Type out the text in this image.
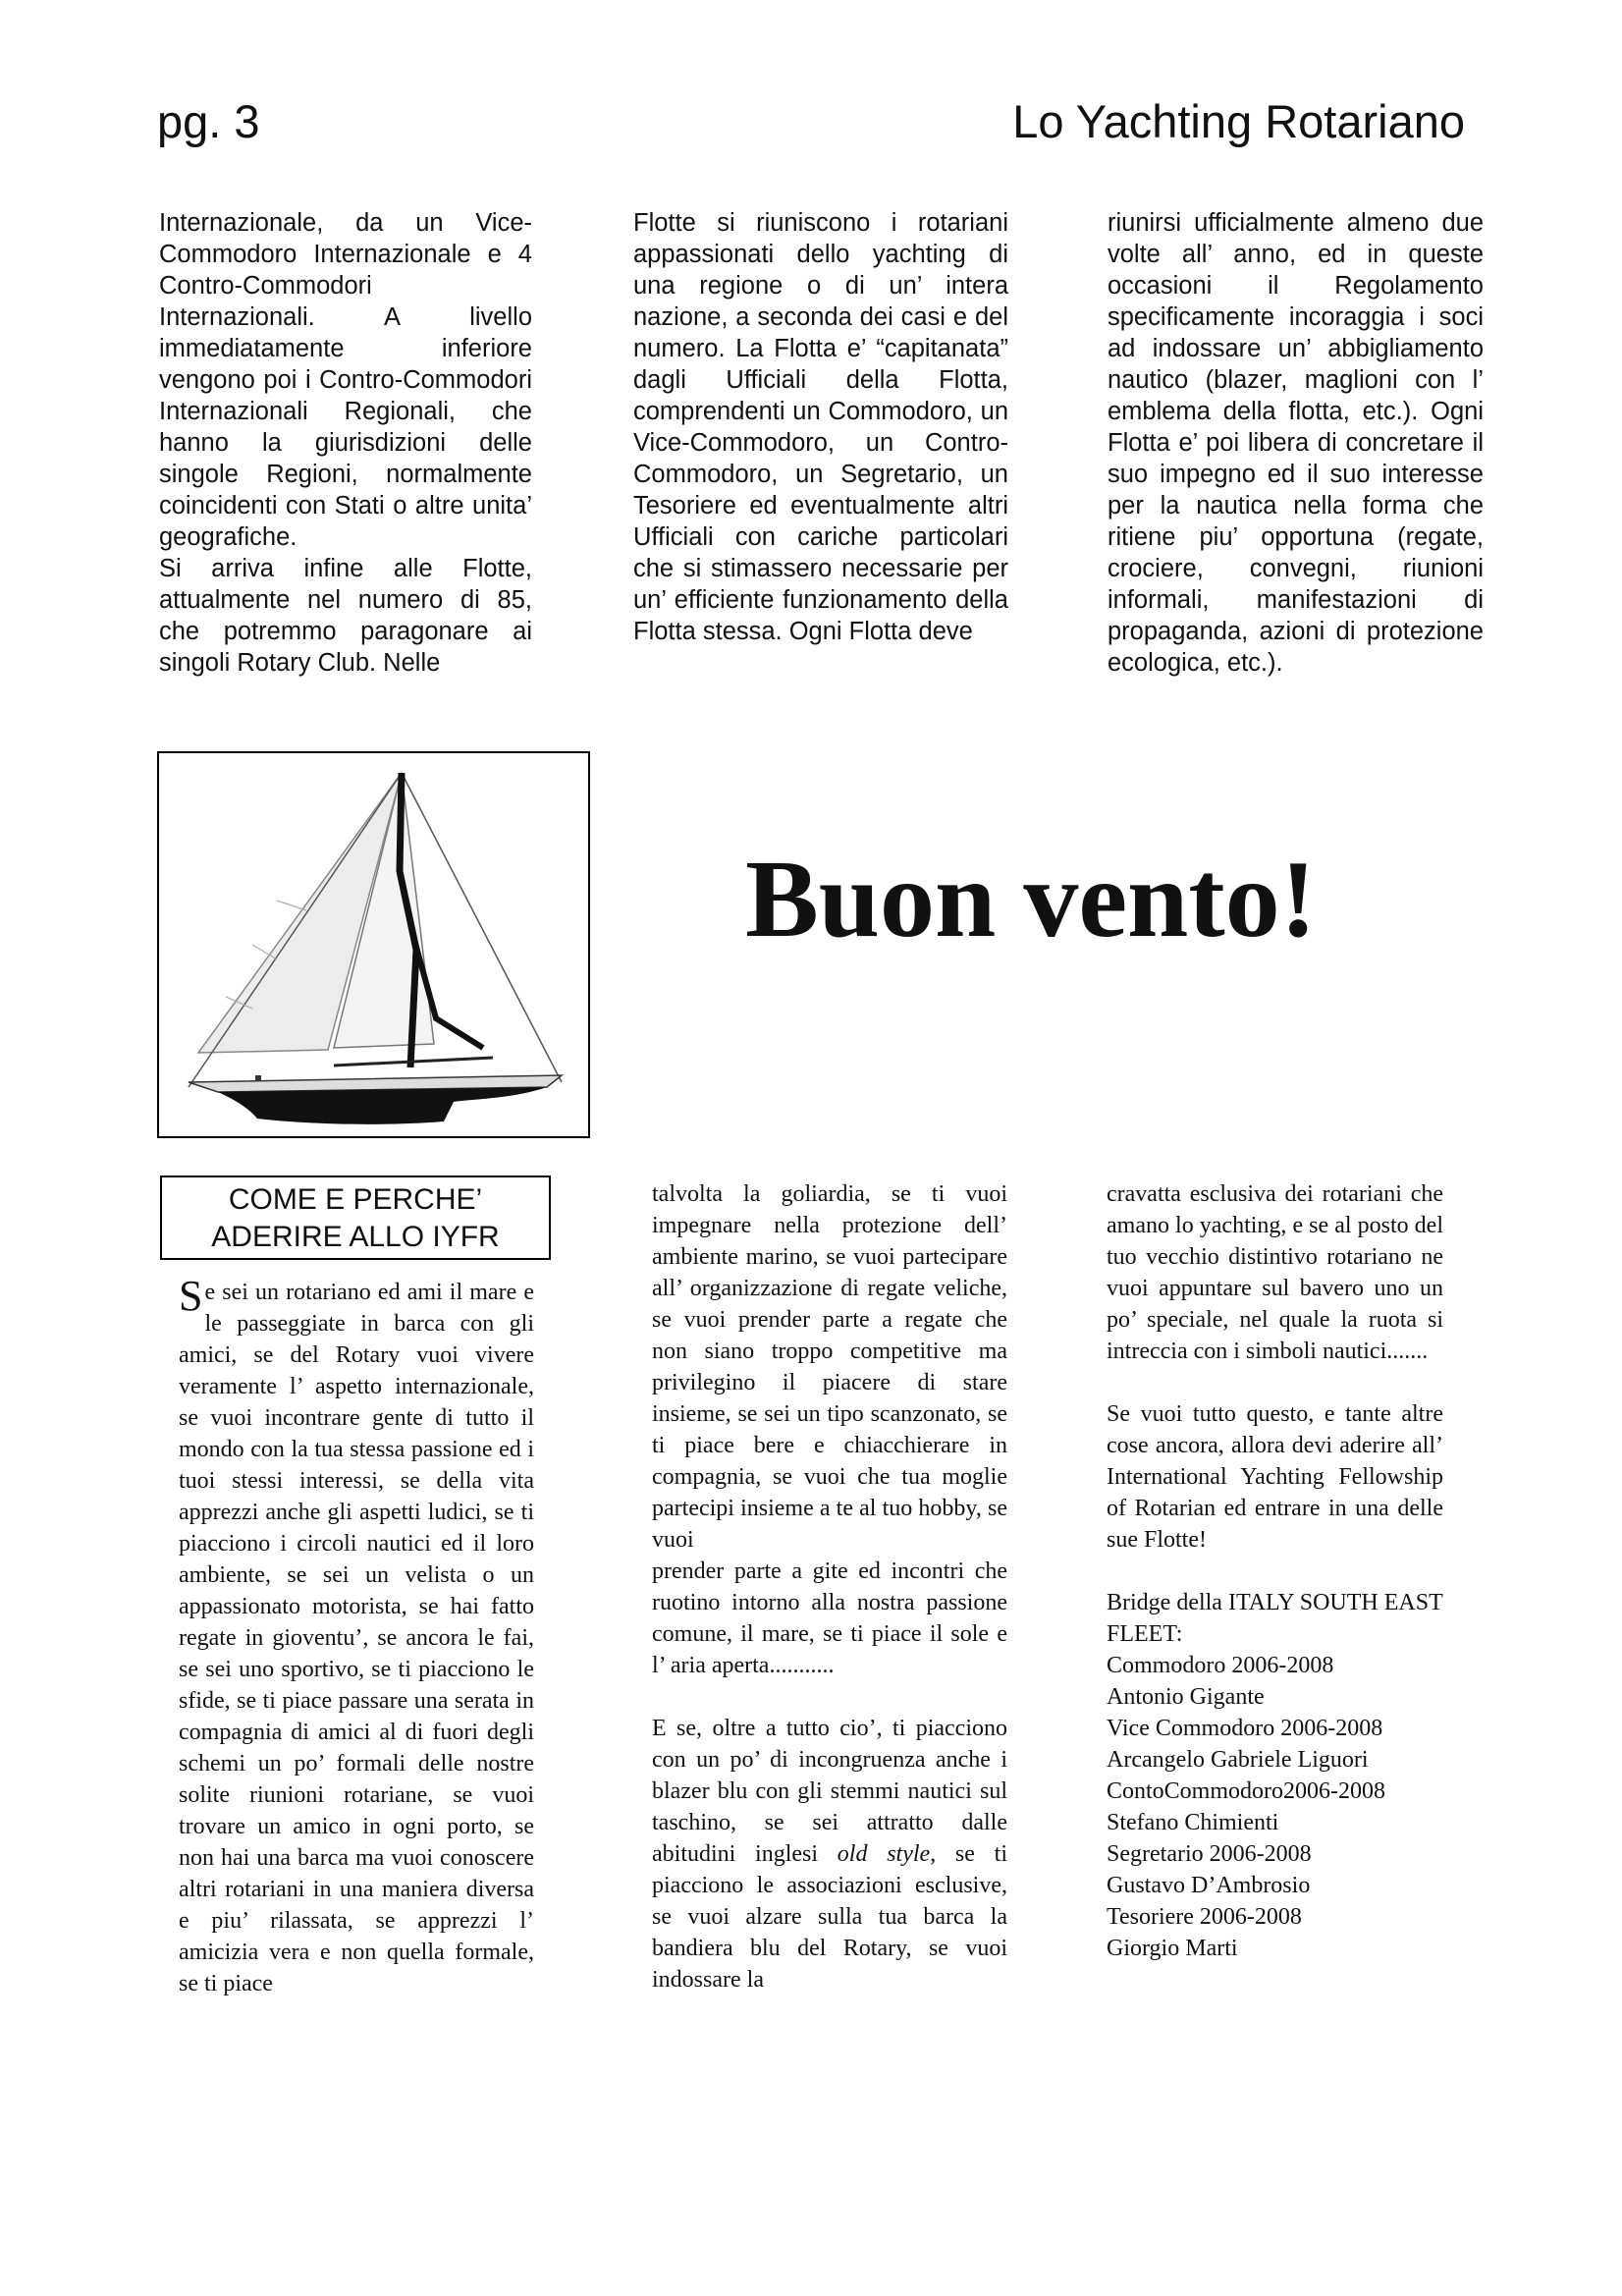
pg. 3	Lo Yachting Rotariano

Internazionale, da un Vice-Commodoro Internazionale e 4 Contro-Commodori Internazionali. A livello immediatamente inferiore vengono poi i Contro-Commodori Internazionali Regionali, che hanno la giurisdizioni delle singole Regioni, normalmente coincidenti con Stati o altre unita’ geografiche.

Si arriva infine alle Flotte, attualmente nel numero di 85, che potremmo paragonare ai singoli Rotary Club. Nelle

Flotte si riuniscono i rotariani appassionati dello yachting di una regione o di un’ intera nazione, a seconda dei casi e del numero. La Flotta e’ “capitanata” dagli Ufficiali della Flotta, comprendenti un Commodoro, un Vice-Commodoro, un Contro-Commodoro, un Segretario, un Tesoriere ed eventualmente altri Ufficiali con cariche particolari che si stimassero necessarie per un’ efficiente funzionamento della Flotta stessa. Ogni Flotta deve

riunirsi ufficialmente almeno due volte all’ anno, ed in queste occasioni il Regolamento specificamente incoraggia i soci ad indossare un’ abbigliamento nautico (blazer, maglioni con l’ emblema della flotta, etc.). Ogni Flotta e’ poi libera di concretare il suo impegno ed il suo interesse per la nautica nella forma che ritiene piu’ opportuna (regate, crociere, convegni, riunioni informali, manifestazioni di propaganda, azioni di protezione ecologica, etc.).

Buon vento!
COME E PERCHE’
ADERIRE ALLO IYFR

Se sei un rotariano ed ami il mare e le passeggiate in barca con gli amici, se del Rotary vuoi vivere veramente l’ aspetto internazionale, se vuoi incontrare gente di tutto il mondo con la tua stessa passione ed i tuoi stessi interessi, se della vita apprezzi anche gli aspetti ludici, se ti piacciono i circoli nautici ed il loro ambiente, se sei un velista o un appassionato motorista, se hai fatto regate in gioventu’, se ancora le fai, se sei uno sportivo, se ti piacciono le sfide, se ti piace passare una serata in compagnia di amici al di fuori degli schemi un po’ formali delle nostre solite riunioni rotariane, se vuoi trovare un amico in ogni porto, se non hai una barca ma vuoi conoscere altri rotariani in una maniera diversa e piu’ rilassata, se apprezzi l’ amicizia vera e non quella formale, se ti piace

talvolta la goliardia, se ti vuoi impegnare nella protezione dell’ ambiente marino, se vuoi partecipare all’ organizzazione di regate veliche, se vuoi prender parte a regate che non siano troppo competitive ma privilegino il piacere di stare insieme, se sei un tipo scanzonato, se ti piace bere e chiacchierare in compagnia, se vuoi che tua moglie partecipi insieme a te al tuo hobby, se vuoi

prender parte a gite ed incontri che ruotino intorno alla nostra passione comune, il mare, se ti piace il sole e l’ aria aperta...........

E se, oltre a tutto cio’, ti piacciono con un po’ di incongruenza anche i blazer blu con gli stemmi nautici sul taschino, se sei attratto dalle abitudini inglesi old style, se ti piacciono le associazioni esclusive, se vuoi alzare sulla tua barca la bandiera blu del Rotary, se vuoi indossare la

cravatta esclusiva dei rotariani che amano lo yachting, e se al posto del tuo vecchio distintivo rotariano ne vuoi appuntare sul bavero uno un po’ speciale, nel quale la ruota si intreccia con i simboli nautici.......

Se vuoi tutto questo, e tante altre cose ancora, allora devi aderire all’ International Yachting Fellowship of Rotarian ed entrare in una delle sue Flotte!

Bridge della ITALY SOUTH EAST FLEET:

Commodoro 2006-2008
Antonio Gigante
Vice Commodoro 2006-2008
Arcangelo Gabriele Liguori
ContoCommodoro2006-2008
Stefano Chimienti
Segretario 2006-2008
Gustavo D’Ambrosio
Tesoriere 2006-2008
Giorgio Marti
